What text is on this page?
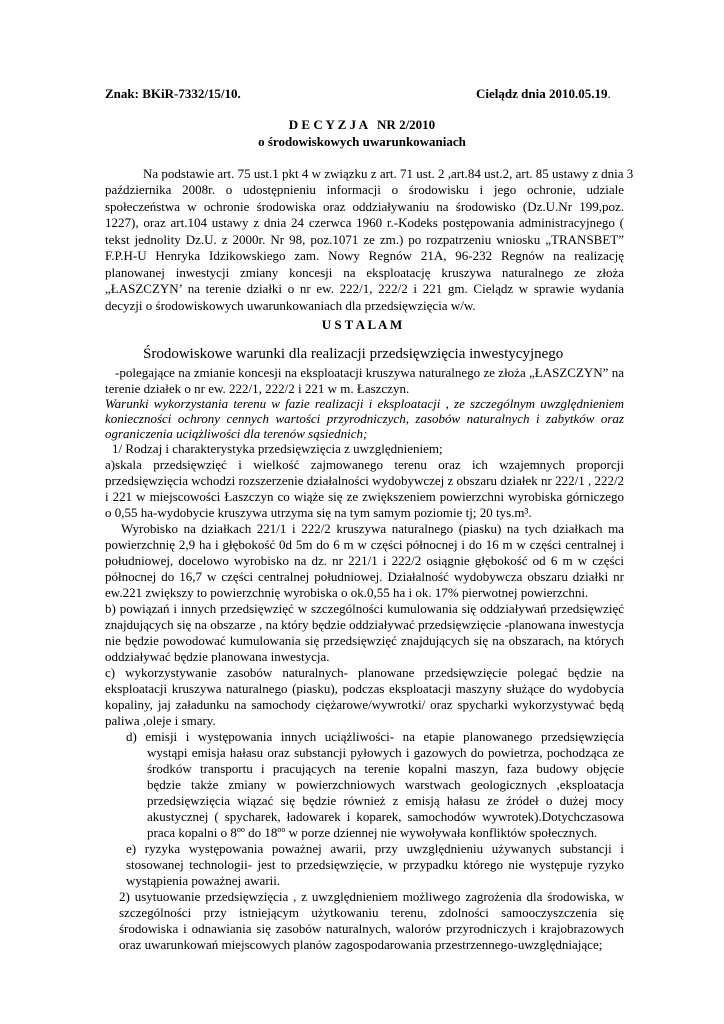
Znak: BKiR-7332/15/10.	Cielądz dnia 2010.05.19.
D E C Y Z J A   NR 2/2010
o środowiskowych uwarunkowaniach
Na podstawie art. 75 ust.1 pkt 4 w związku z art. 71 ust. 2 ,art.84 ust.2, art. 85 ustawy z dnia 3
października 2008r. o udostępnieniu informacji o środowisku i jego ochronie, udziale
społeczeństwa w ochronie środowiska oraz oddziaływaniu na środowisko (Dz.U.Nr 199,poz.
1227), oraz art.104 ustawy z dnia 24 czerwca 1960 r.-Kodeks postępowania administracyjnego (
tekst jednolity Dz.U. z 2000r. Nr 98, poz.1071 ze zm.) po rozpatrzeniu wniosku „TRANSBET”
F.P.H-U Henryka Idzikowskiego zam. Nowy Regnów 21A, 96-232 Regnów na realizację
planowanej inwestycji zmiany koncesji na eksploatację kruszywa naturalnego ze złoża
„ŁASZCZYN’ na terenie działki o nr ew. 222/1, 222/2 i 221 gm. Cielądz w sprawie wydania
decyzji o środowiskowych uwarunkowaniach dla przedsięwzięcia w/w.
U S T A L A M
Środowiskowe warunki dla realizacji przedsięwzięcia inwestycyjnego
-polegające na zmianie koncesji na eksploatacji kruszywa naturalnego ze złoża „ŁASZCZYN” na
terenie działek o nr ew. 222/1, 222/2 i 221 w m. Łaszczyn.
Warunki wykorzystania terenu w fazie realizacji i eksploatacji , ze szczególnym uwzględnieniem
konieczności ochrony cennych wartości przyrodniczych, zasobów naturalnych i zabytków oraz
ograniczenia uciążliwości dla terenów sąsiednich;
1/ Rodzaj i charakterystyka przedsięwzięcia z uwzględnieniem;
a)skala przedsięwzięć i wielkość zajmowanego terenu oraz ich wzajemnych proporcji
przedsięwzięcia wchodzi rozszerzenie działalności wydobywczej z obszaru działek nr 222/1 , 222/2
i 221 w miejscowości Łaszczyn co wiąże się ze zwiększeniem powierzchni wyrobiska górniczego
o 0,55 ha-wydobycie kruszywa utrzyma się na tym samym poziomie tj; 20 tys.m³.
Wyrobisko na działkach 221/1 i 222/2 kruszywa naturalnego (piasku) na tych działkach ma
powierzchnię 2,9 ha i głębokość 0d 5m do 6 m w części północnej i do 16 m w części centralnej i
południowej, docelowo wyrobisko na dz. nr 221/1 i 222/2 osiągnie głębokość od 6 m w części
północnej do 16,7 w części centralnej południowej. Działalność wydobywcza obszaru działki nr
ew.221 zwiększy to powierzchnię wyrobiska o ok.0,55 ha i ok. 17% pierwotnej powierzchni.
b) powiązań i innych przedsięwzięć w szczególności kumulowania się oddziaływań przedsięwzięć
znajdujących się na obszarze , na który będzie oddziaływać przedsięwzięcie -planowana inwestycja
nie będzie powodować kumulowania się przedsięwzięć znajdujących się na obszarach, na których
oddziaływać będzie planowana inwestycja.
c) wykorzystywanie zasobów naturalnych- planowane przedsięwzięcie polegać będzie na
eksploatacji kruszywa naturalnego (piasku), podczas eksploatacji maszyny służące do wydobycia
kopaliny, jaj załadunku na samochody ciężarowe/wywrotki/ oraz spycharki wykorzystywać będą
paliwa ,oleje i smary.
d) emisji i występowania innych uciążliwości- na etapie planowanego przedsięwzięcia
wystąpi emisja hałasu oraz substancji pyłowych i gazowych do powietrza, pochodząca ze
środków transportu i pracujących na terenie kopalni maszyn, faza budowy objęcie
będzie także zmiany w powierzchniowych warstwach geologicznych ,eksploatacja
przedsięwzięcia wiązać się będzie również z emisją hałasu ze źródeł o dużej mocy
akustycznej ( spycharek, ładowarek i koparek, samochodów wywrotek).Dotychczasowa
praca kopalni o $8^{oo}$ do $18^{oo}$ w porze dziennej nie wywoływała konfliktów społecznych.
e) ryzyka występowania poważnej awarii, przy uwzględnieniu używanych substancji i
stosowanej technologii- jest to przedsięwzięcie, w przypadku którego nie występuje ryzyko
wystąpienia poważnej awarii.
2) usytuowanie przedsięwzięcia , z uwzględnieniem możliwego zagrożenia dla środowiska, w
szczególności przy istniejącym użytkowaniu terenu, zdolności samooczyszczenia się
środowiska i odnawiania się zasobów naturalnych, walorów przyrodniczych i krajobrazowych
oraz uwarunkowań miejscowych planów zagospodarowania przestrzennego-uwzględniające;
